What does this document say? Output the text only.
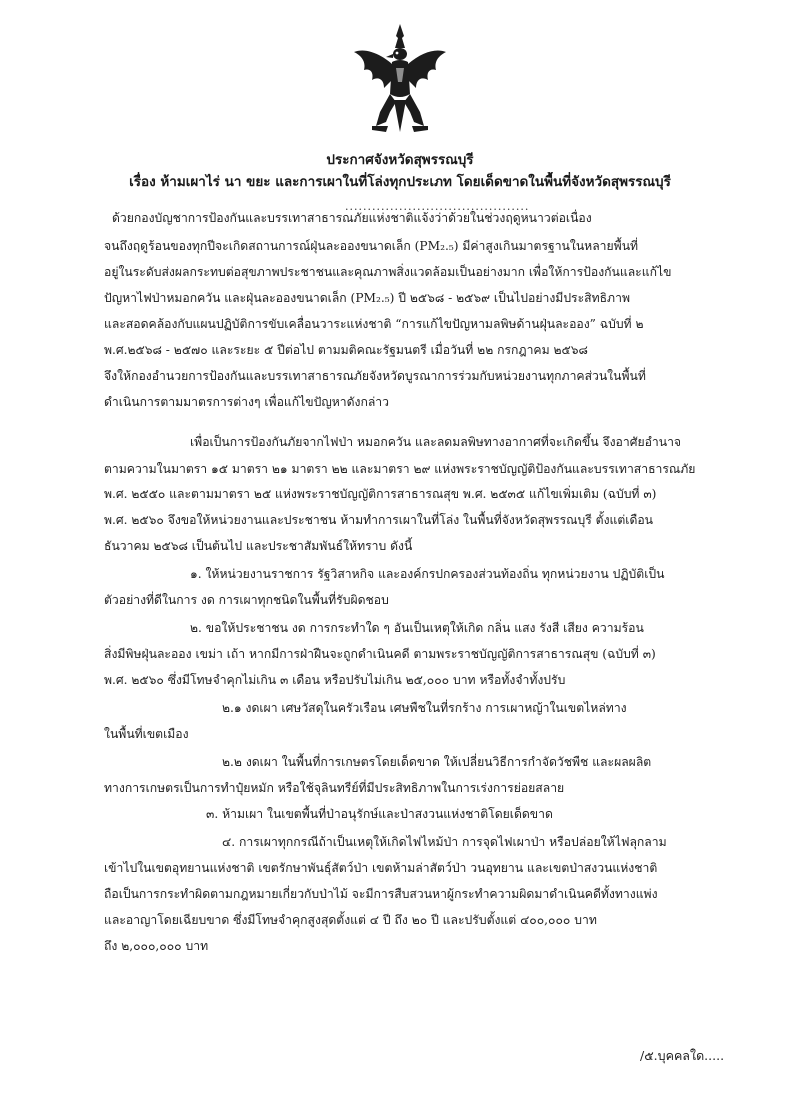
ประกาศจังหวัดสุพรรณบุรี
เรื่อง ห้ามเผาไร่ นา ขยะ และการเผาในที่โล่งทุกประเภท โดยเด็ดขาดในพื้นที่จังหวัดสุพรรณบุรี
.........................................
ด้วยกองบัญชาการป้องกันและบรรเทาสาธารณภัยแห่งชาติแจ้งว่าด้วยในช่วงฤดูหนาวต่อเนื่อง
จนถึงฤดูร้อนของทุกปีจะเกิดสถานการณ์ฝุ่นละอองขนาดเล็ก (PM₂.₅) มีค่าสูงเกินมาตรฐานในหลายพื้นที่
อยู่ในระดับส่งผลกระทบต่อสุขภาพประชาชนและคุณภาพสิ่งแวดล้อมเป็นอย่างมาก เพื่อให้การป้องกันและแก้ไข
ปัญหาไฟป่าหมอกควัน และฝุ่นละอองขนาดเล็ก (PM₂.₅) ปี ๒๕๖๘ - ๒๕๖๙ เป็นไปอย่างมีประสิทธิภาพ
และสอดคล้องกับแผนปฏิบัติการขับเคลื่อนวาระแห่งชาติ “การแก้ไขปัญหามลพิษด้านฝุ่นละออง” ฉบับที่ ๒
พ.ศ.๒๕๖๘ - ๒๕๗๐ และระยะ ๕ ปีต่อไป ตามมติคณะรัฐมนตรี เมื่อวันที่ ๒๒ กรกฎาคม ๒๕๖๘
จึงให้กองอำนวยการป้องกันและบรรเทาสาธารณภัยจังหวัดบูรณาการร่วมกับหน่วยงานทุกภาคส่วนในพื้นที่
ดำเนินการตามมาตรการต่างๆ เพื่อแก้ไขปัญหาดังกล่าว
เพื่อเป็นการป้องกันภัยจากไฟป่า หมอกควัน และลดมลพิษทางอากาศที่จะเกิดขึ้น จึงอาศัยอำนาจ
ตามความในมาตรา ๑๕ มาตรา ๒๑ มาตรา ๒๒ และมาตรา ๒๙ แห่งพระราชบัญญัติป้องกันและบรรเทาสาธารณภัย
พ.ศ. ๒๕๕๐ และตามมาตรา ๒๕ แห่งพระราชบัญญัติการสาธารณสุข พ.ศ. ๒๕๓๕ แก้ไขเพิ่มเติม (ฉบับที่ ๓)
พ.ศ. ๒๕๖๐ จึงขอให้หน่วยงานและประชาชน ห้ามทำการเผาในที่โล่ง ในพื้นที่จังหวัดสุพรรณบุรี ตั้งแต่เดือน
ธันวาคม ๒๕๖๘ เป็นต้นไป และประชาสัมพันธ์ให้ทราบ ดังนี้
๑. ให้หน่วยงานราชการ รัฐวิสาหกิจ และองค์กรปกครองส่วนท้องถิ่น ทุกหน่วยงาน ปฏิบัติเป็น
ตัวอย่างที่ดีในการ งด การเผาทุกชนิดในพื้นที่รับผิดชอบ
๒. ขอให้ประชาชน งด การกระทำใด ๆ อันเป็นเหตุให้เกิด กลิ่น แสง รังสี เสียง ความร้อน
สิ่งมีพิษฝุ่นละออง เขม่า เถ้า หากมีการฝ่าฝืนจะถูกดำเนินคดี ตามพระราชบัญญัติการสาธารณสุข (ฉบับที่ ๓)
พ.ศ. ๒๕๖๐ ซึ่งมีโทษจำคุกไม่เกิน ๓ เดือน หรือปรับไม่เกิน ๒๕,๐๐๐ บาท หรือทั้งจำทั้งปรับ
๒.๑ งดเผา เศษวัสดุในครัวเรือน เศษพืชในที่รกร้าง การเผาหญ้าในเขตไหล่ทาง
ในพื้นที่เขตเมือง
๒.๒ งดเผา ในพื้นที่การเกษตรโดยเด็ดขาด ให้เปลี่ยนวิธีการกำจัดวัชพืช และผลผลิต
ทางการเกษตรเป็นการทำปุ๋ยหมัก หรือใช้จุลินทรีย์ที่มีประสิทธิภาพในการเร่งการย่อยสลาย
๓. ห้ามเผา ในเขตพื้นที่ป่าอนุรักษ์และป่าสงวนแห่งชาติโดยเด็ดขาด
๔. การเผาทุกกรณีถ้าเป็นเหตุให้เกิดไฟไหม้ป่า การจุดไฟเผาป่า หรือปล่อยให้ไฟลุกลาม
เข้าไปในเขตอุทยานแห่งชาติ เขตรักษาพันธุ์สัตว์ป่า เขตห้ามล่าสัตว์ป่า วนอุทยาน และเขตป่าสงวนแห่งชาติ
ถือเป็นการกระทำผิดตามกฎหมายเกี่ยวกับป่าไม้ จะมีการสืบสวนหาผู้กระทำความผิดมาดำเนินคดีทั้งทางแพ่ง
และอาญาโดยเฉียบขาด ซึ่งมีโทษจำคุกสูงสุดตั้งแต่ ๔ ปี ถึง ๒๐ ปี และปรับตั้งแต่ ๔๐๐,๐๐๐ บาท
ถึง ๒,๐๐๐,๐๐๐ บาท
/๕.บุคคลใด.....
